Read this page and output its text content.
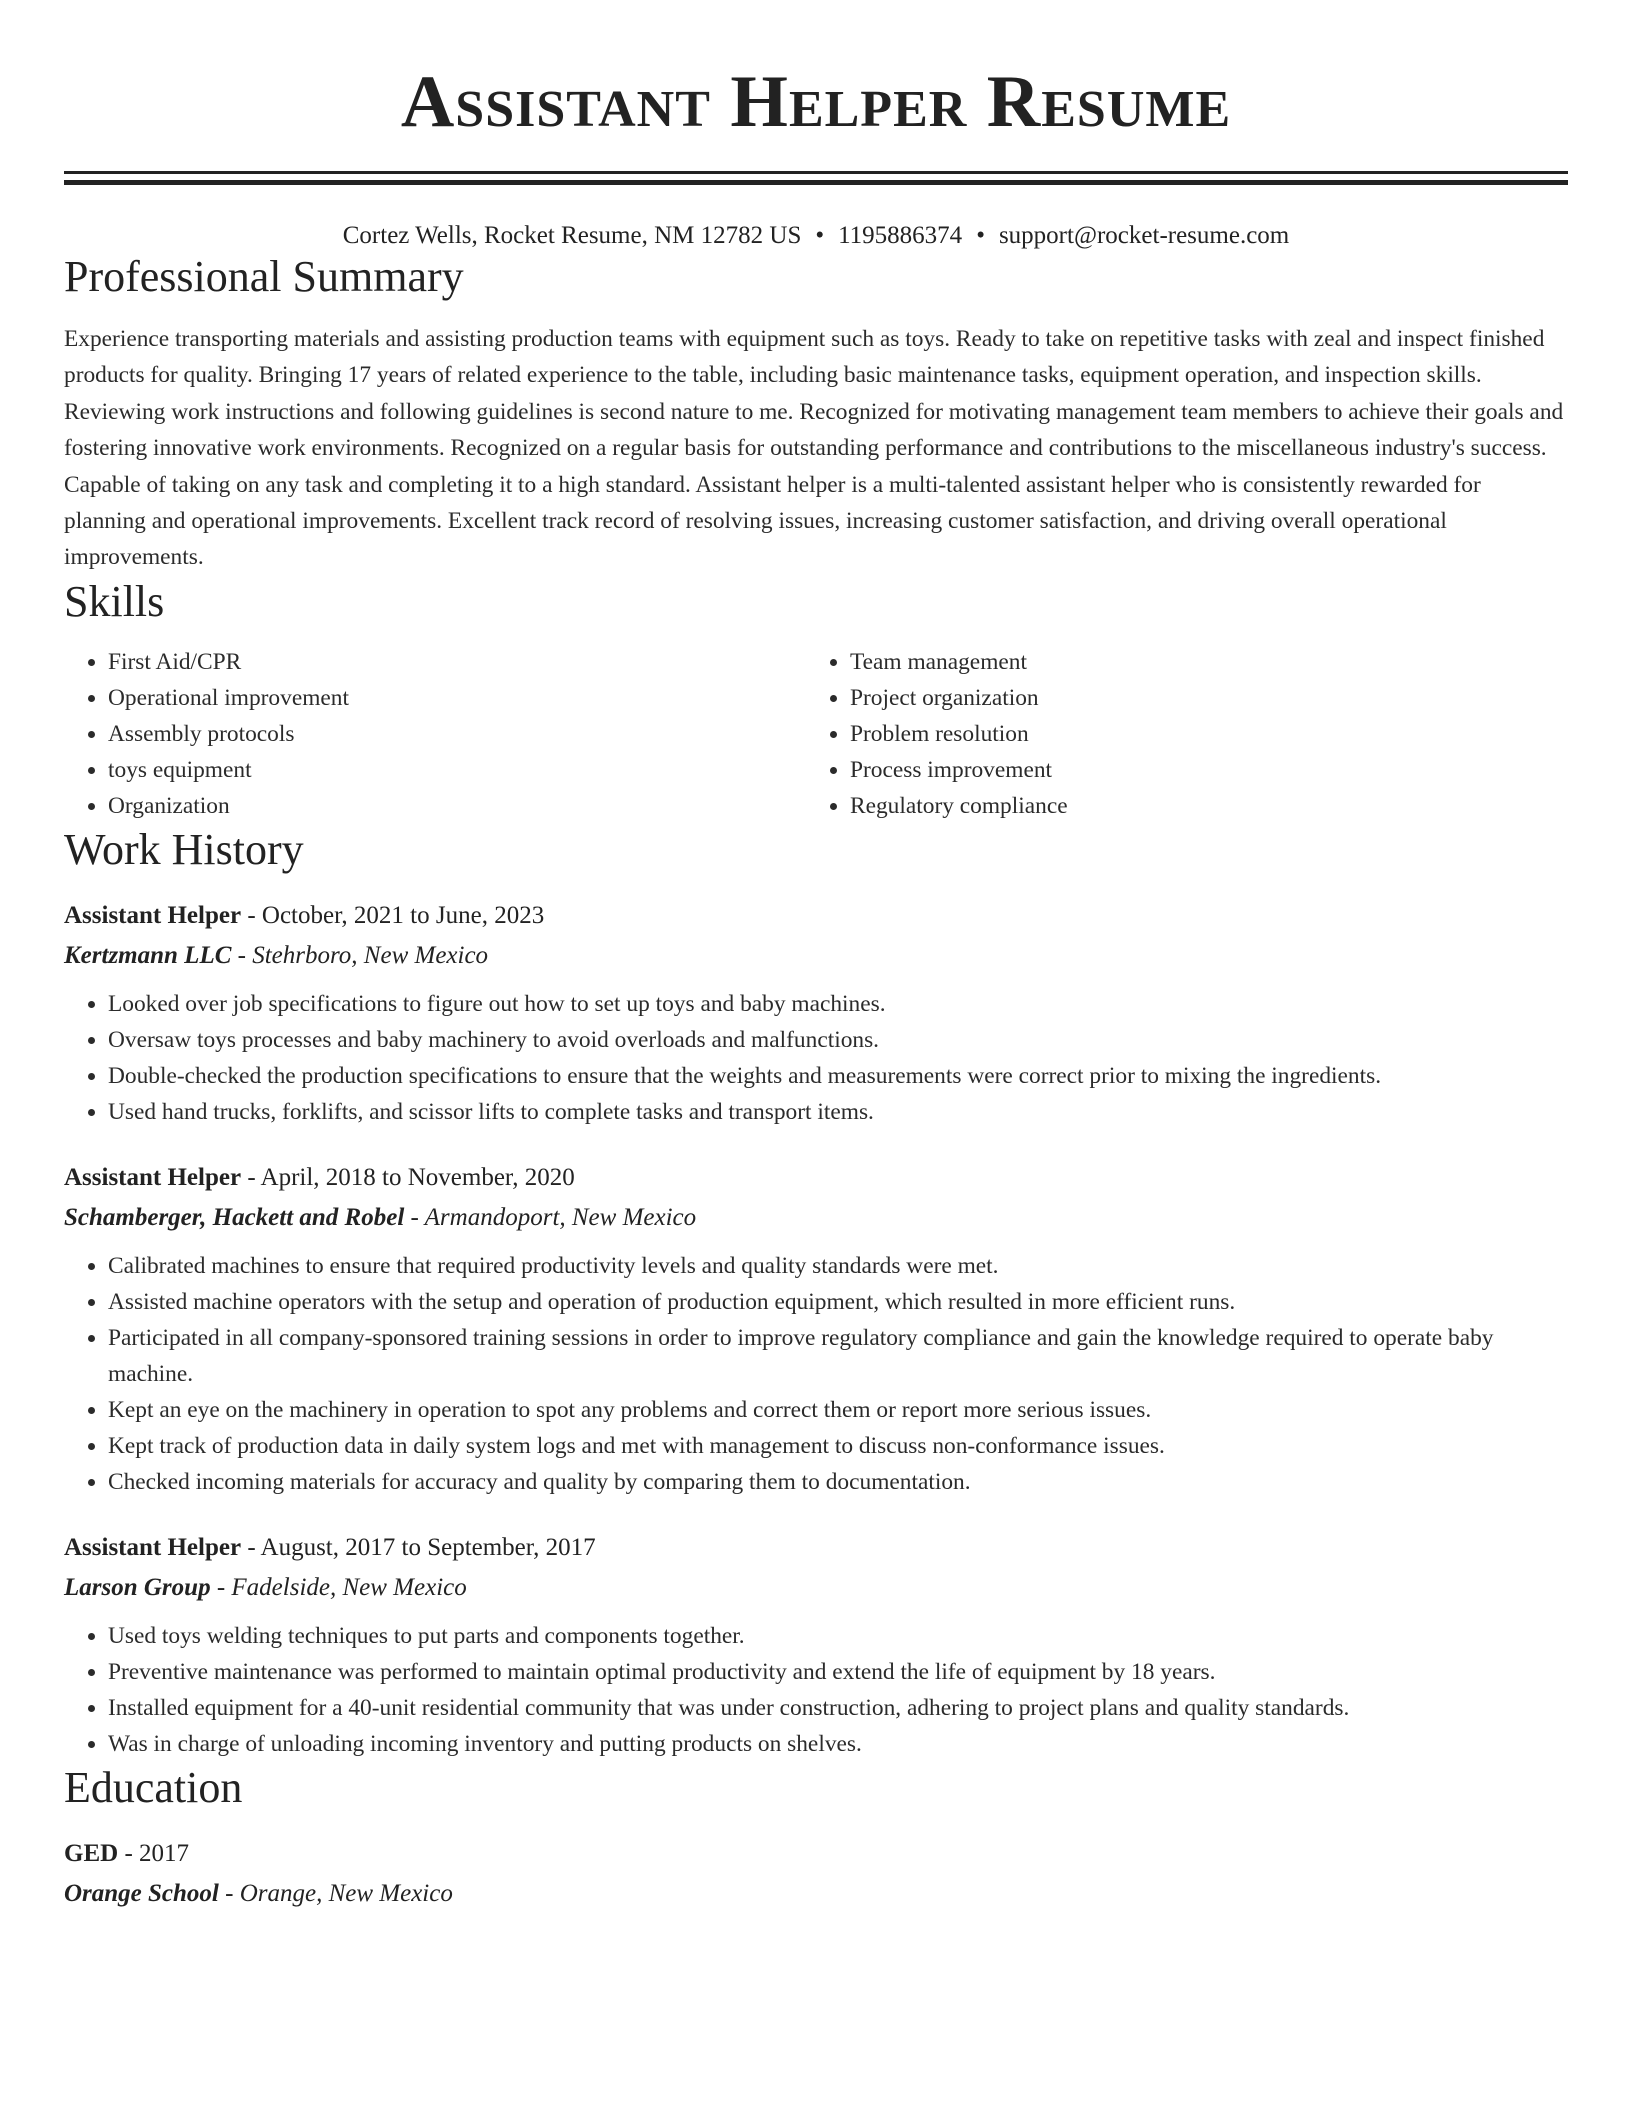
Assistant Helper Resume
Cortez Wells, Rocket Resume, NM 12782 US • 1195886374 • support@rocket-resume.com
Professional Summary

Experience transporting materials and assisting production teams with equipment such as toys. Ready to take on repetitive tasks with zeal and inspect finished products for quality. Bringing 17 years of related experience to the table, including basic maintenance tasks, equipment operation, and inspection skills. Reviewing work instructions and following guidelines is second nature to me. Recognized for motivating management team members to achieve their goals and fostering innovative work environments. Recognized on a regular basis for outstanding performance and contributions to the miscellaneous industry's success. Capable of taking on any task and completing it to a high standard. Assistant helper is a multi-talented assistant helper who is consistently rewarded for planning and operational improvements. Excellent track record of resolving issues, increasing customer satisfaction, and driving overall operational improvements.

Skills
• First Aid/CPR
• Operational improvement
• Assembly protocols
• toys equipment
• Organization
• Team management
• Project organization
• Problem resolution
• Process improvement
• Regulatory compliance
Work History
Assistant Helper - October, 2021 to June, 2023
Kertzmann LLC - Stehrboro, New Mexico
• Looked over job specifications to figure out how to set up toys and baby machines.
• Oversaw toys processes and baby machinery to avoid overloads and malfunctions.
• Double-checked the production specifications to ensure that the weights and measurements were correct prior to mixing the ingredients.
• Used hand trucks, forklifts, and scissor lifts to complete tasks and transport items.
Assistant Helper - April, 2018 to November, 2020
Schamberger, Hackett and Robel - Armandoport, New Mexico
• Calibrated machines to ensure that required productivity levels and quality standards were met.
• Assisted machine operators with the setup and operation of production equipment, which resulted in more efficient runs.
• Participated in all company-sponsored training sessions in order to improve regulatory compliance and gain the knowledge required to operate baby machine.
• Kept an eye on the machinery in operation to spot any problems and correct them or report more serious issues.
• Kept track of production data in daily system logs and met with management to discuss non-conformance issues.
• Checked incoming materials for accuracy and quality by comparing them to documentation.
Assistant Helper - August, 2017 to September, 2017
Larson Group - Fadelside, New Mexico
• Used toys welding techniques to put parts and components together.
• Preventive maintenance was performed to maintain optimal productivity and extend the life of equipment by 18 years.
• Installed equipment for a 40-unit residential community that was under construction, adhering to project plans and quality standards.
• Was in charge of unloading incoming inventory and putting products on shelves.
Education
GED - 2017
Orange School - Orange, New Mexico
